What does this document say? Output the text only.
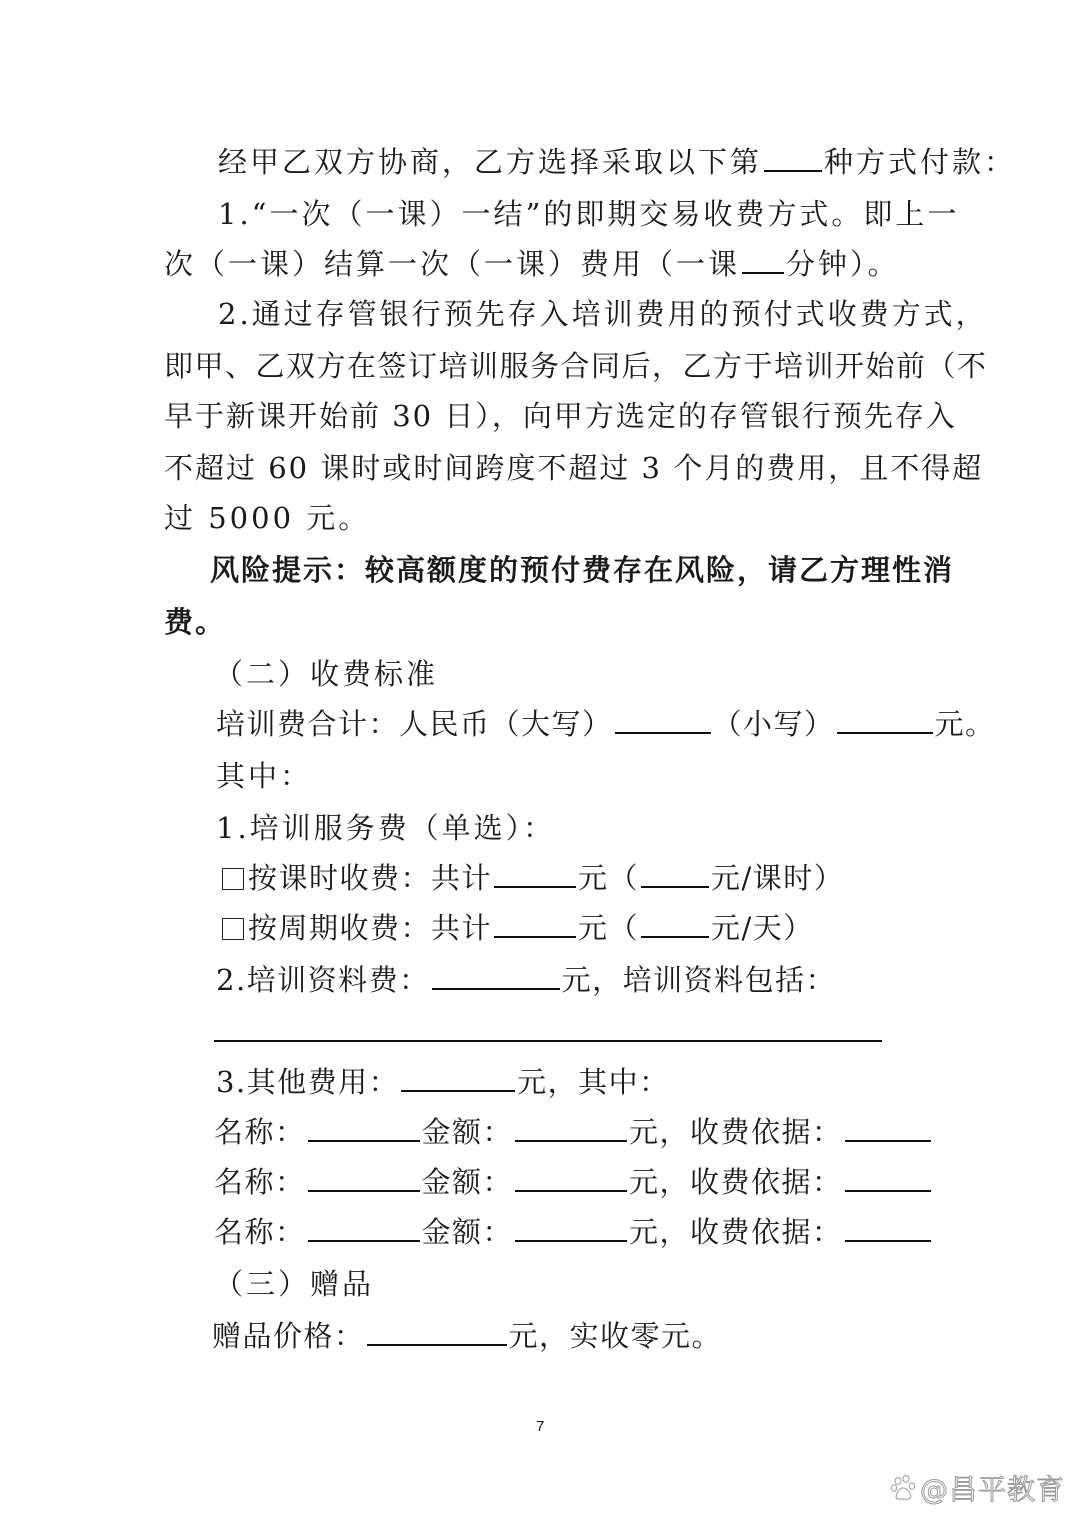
经甲乙双方协商，乙方选择采取以下第 种方式付款：
1.“一次（一课）一结”的即期交易收费方式。即上一
次（一课）结算一次（一课）费用（一课 分钟）。
2.通过存管银行预先存入培训费用的预付式收费方式，
即甲、乙双方在签订培训服务合同后，乙方于培训开始前（不
早于新课开始前 30 日），向甲方选定的存管银行预先存入
不超过 60 课时或时间跨度不超过 3 个月的费用，且不得超
过 5000 元。
风险提示：较高额度的预付费存在风险，请乙方理性消
费。
（二）收费标准
培训费合计：人民币（大写）	（小写）	元。
其中：
1.培训服务费（单选）：
按课时收费：共计	元（ 元/课时）
按周期收费：共计	元（ 元/天）
2.培训资料费：	元，培训资料包括：
3.其他费用：	元，其中：
名称：	金额：	元，收费依据：
名称：	金额：	元，收费依据：
名称：	金额：	元，收费依据：
（三）赠品
赠品价格：	元，实收零元。
7
@昌平教育
